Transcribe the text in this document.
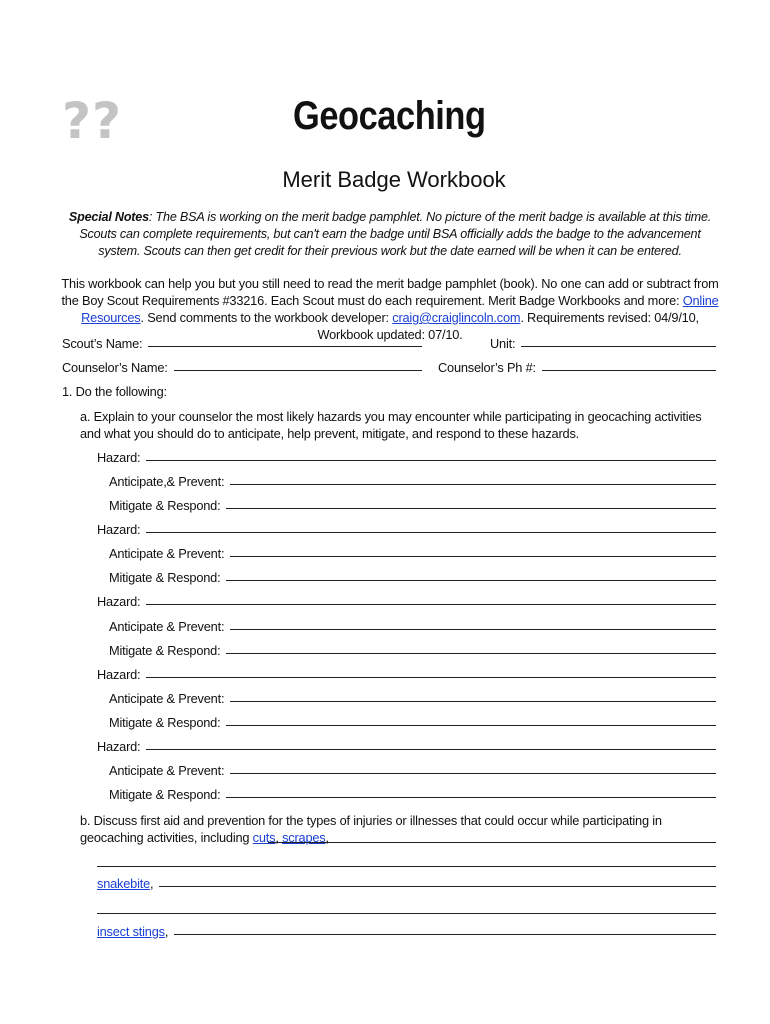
??	Geocaching
Merit Badge Workbook
Special Notes: The BSA is working on the merit badge pamphlet. No picture of the merit badge is available at this time. Scouts can complete requirements, but can't earn the badge until BSA officially adds the badge to the advancement system. Scouts can then get credit for their previous work but the date earned will be when it can be entered.
This workbook can help you but you still need to read the merit badge pamphlet (book). No one can add or subtract from the Boy Scout Requirements #33216. Each Scout must do each requirement. Merit Badge Workbooks and more: Online Resources. Send comments to the workbook developer: craig@craiglincoln.com. Requirements revised: 04/9/10, Workbook updated: 07/10.
Scout’s Name:	Unit:
Counselor’s Name:	Counselor’s Ph #:
1. Do the following:
a. Explain to your counselor the most likely hazards you may encounter while participating in geocaching activities and what you should do to anticipate, help prevent, mitigate, and respond to these hazards.
Hazard:
Anticipate,& Prevent:
Mitigate & Respond:
Hazard:
Anticipate & Prevent:
Mitigate & Respond:
Hazard:
Anticipate & Prevent:
Mitigate & Respond:
Hazard:
Anticipate & Prevent:
Mitigate & Respond:
Hazard:
Anticipate & Prevent:
Mitigate & Respond:
b. Discuss first aid and prevention for the types of injuries or illnesses that could occur while participating in geocaching activities, including cuts, scrapes,
snakebite ,
insect stings ,
